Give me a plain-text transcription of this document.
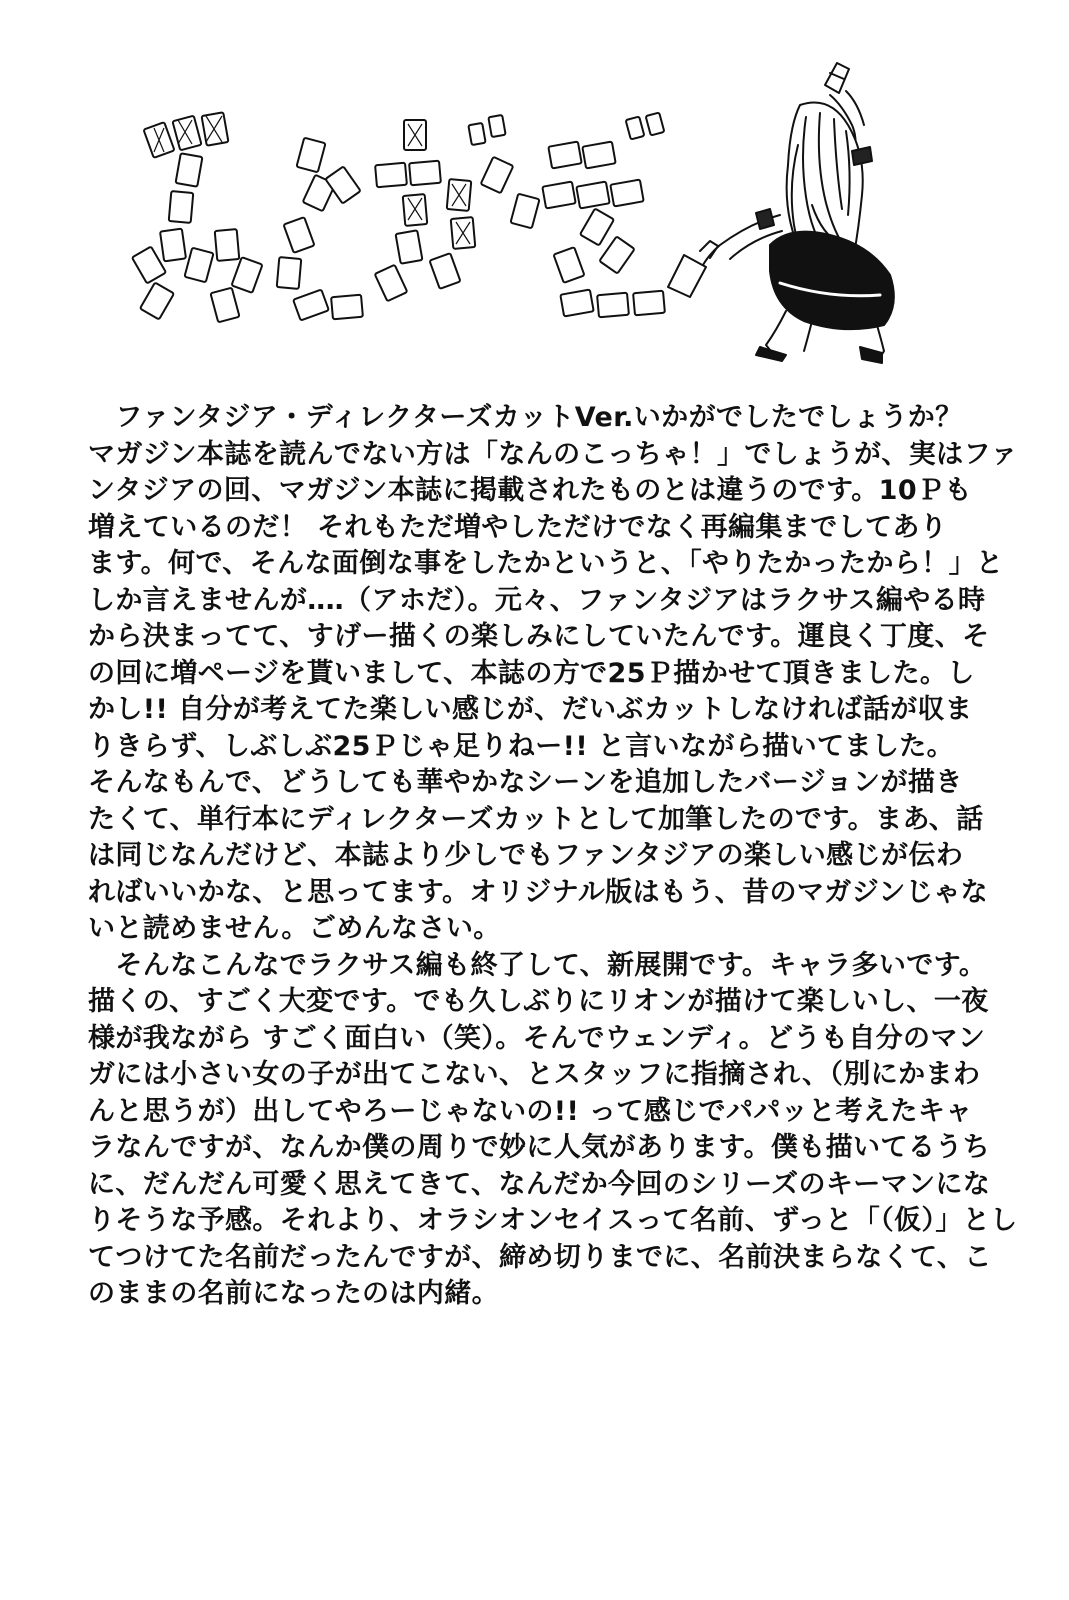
　ファンタジア・ディレクターズカットVer.いかがでしたでしょうか？
マガジン本誌を読んでない方は「なんのこっちゃ！」でしょうが、実はファ
ンタジアの回、マガジン本誌に掲載されたものとは違うのです。10Ｐも
増えているのだ！ それもただ増やしただけでなく再編集までしてあり
ます。何で、そんな面倒な事をしたかというと、「やりたかったから！」と
しか言えませんが‥‥（アホだ）。元々、ファンタジアはラクサス編やる時
から決まってて、すげー描くの楽しみにしていたんです。運良く丁度、そ
の回に増ページを貰いまして、本誌の方で25Ｐ描かせて頂きました。し
かし!! 自分が考えてた楽しい感じが、だいぶカットしなければ話が収ま
りきらず、しぶしぶ25Ｐじゃ足りねー!! と言いながら描いてました。
そんなもんで、どうしても華やかなシーンを追加したバージョンが描き
たくて、単行本にディレクターズカットとして加筆したのです。まあ、話
は同じなんだけど、本誌より少しでもファンタジアの楽しい感じが伝わ
ればいいかな、と思ってます。オリジナル版はもう、昔のマガジンじゃな
いと読めません。ごめんなさい。
　そんなこんなでラクサス編も終了して、新展開です。キャラ多いです。
描くの、すごく大変です。でも久しぶりにリオンが描けて楽しいし、一夜
様が我ながら すごく面白い（笑）。そんでウェンディ。どうも自分のマン
ガには小さい女の子が出てこない、とスタッフに指摘され、（別にかまわ
んと思うが）出してやろーじゃないの!! って感じでパパッと考えたキャ
ラなんですが、なんか僕の周りで妙に人気があります。僕も描いてるうち
に、だんだん可愛く思えてきて、なんだか今回のシリーズのキーマンにな
りそうな予感。それより、オラシオンセイスって名前、ずっと「（仮）」とし
てつけてた名前だったんですが、締め切りまでに、名前決まらなくて、こ
のままの名前になったのは内緒。
